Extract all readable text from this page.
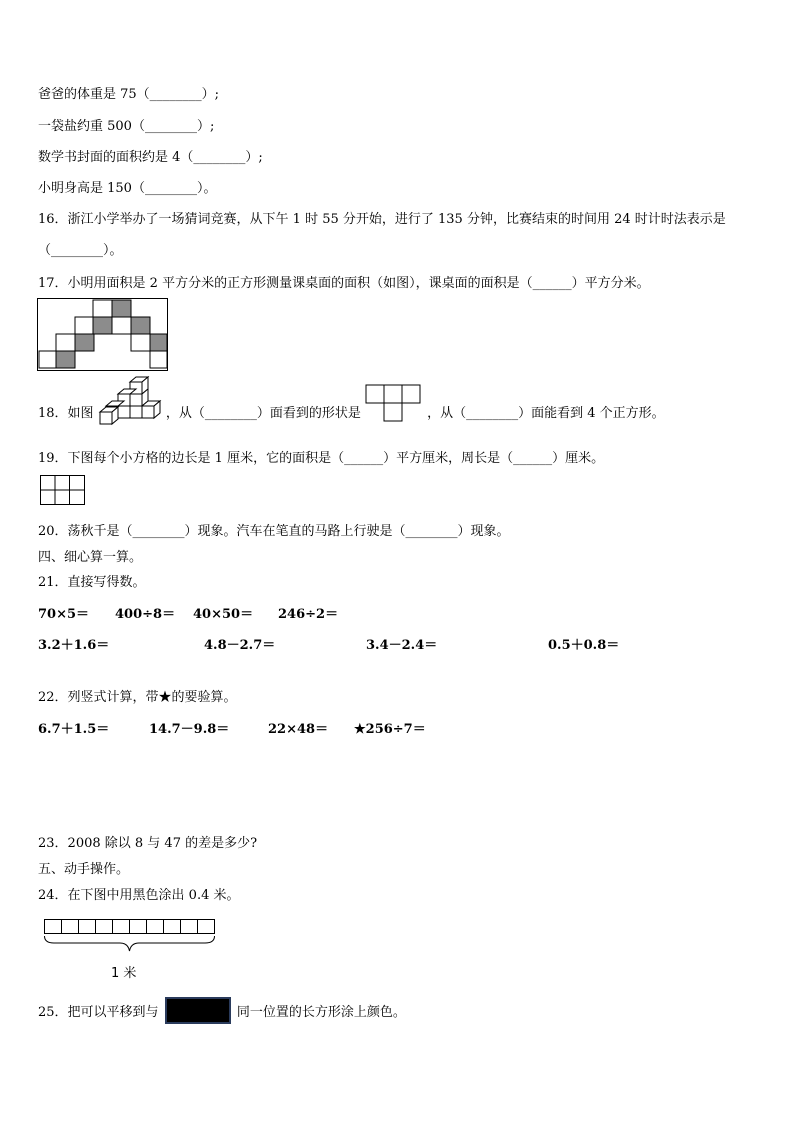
爸爸的体重是 75（________）;
一袋盐约重 500（________）;
数学书封面的面积约是 4（________）;
小明身高是 150（________）。
16．浙江小学举办了一场猜词竞赛，从下午 1 时 55 分开始，进行了 135 分钟，比赛结束的时间用 24 时计时法表示是
（________）。
17．小明用面积是 2 平方分米的正方形测量课桌面的面积（如图），课桌面的面积是（______）平方分米。
18．如图	，从（________）面看到的形状是	，从（________）面能看到 4 个正方形。
19．下图每个小方格的边长是 1 厘米，它的面积是（______）平方厘米，周长是（______）厘米。
20．荡秋千是（________）现象。汽车在笔直的马路上行驶是（________）现象。
四、细心算一算。
21．直接写得数。
70×5＝ 400÷8＝ 40×50＝ 246÷2＝
3.2＋1.6＝	4.8－2.7＝	3.4－2.4＝	0.5＋0.8＝
22．列竖式计算，带★的要验算。
6.7＋1.5＝	14.7－9.8＝	22×48＝ ★256÷7＝
23．2008 除以 8 与 47 的差是多少?
五、动手操作。
24．在下图中用黑色涂出 0.4 米。
1 米
25．把可以平移到与	同一位置的长方形涂上颜色。
